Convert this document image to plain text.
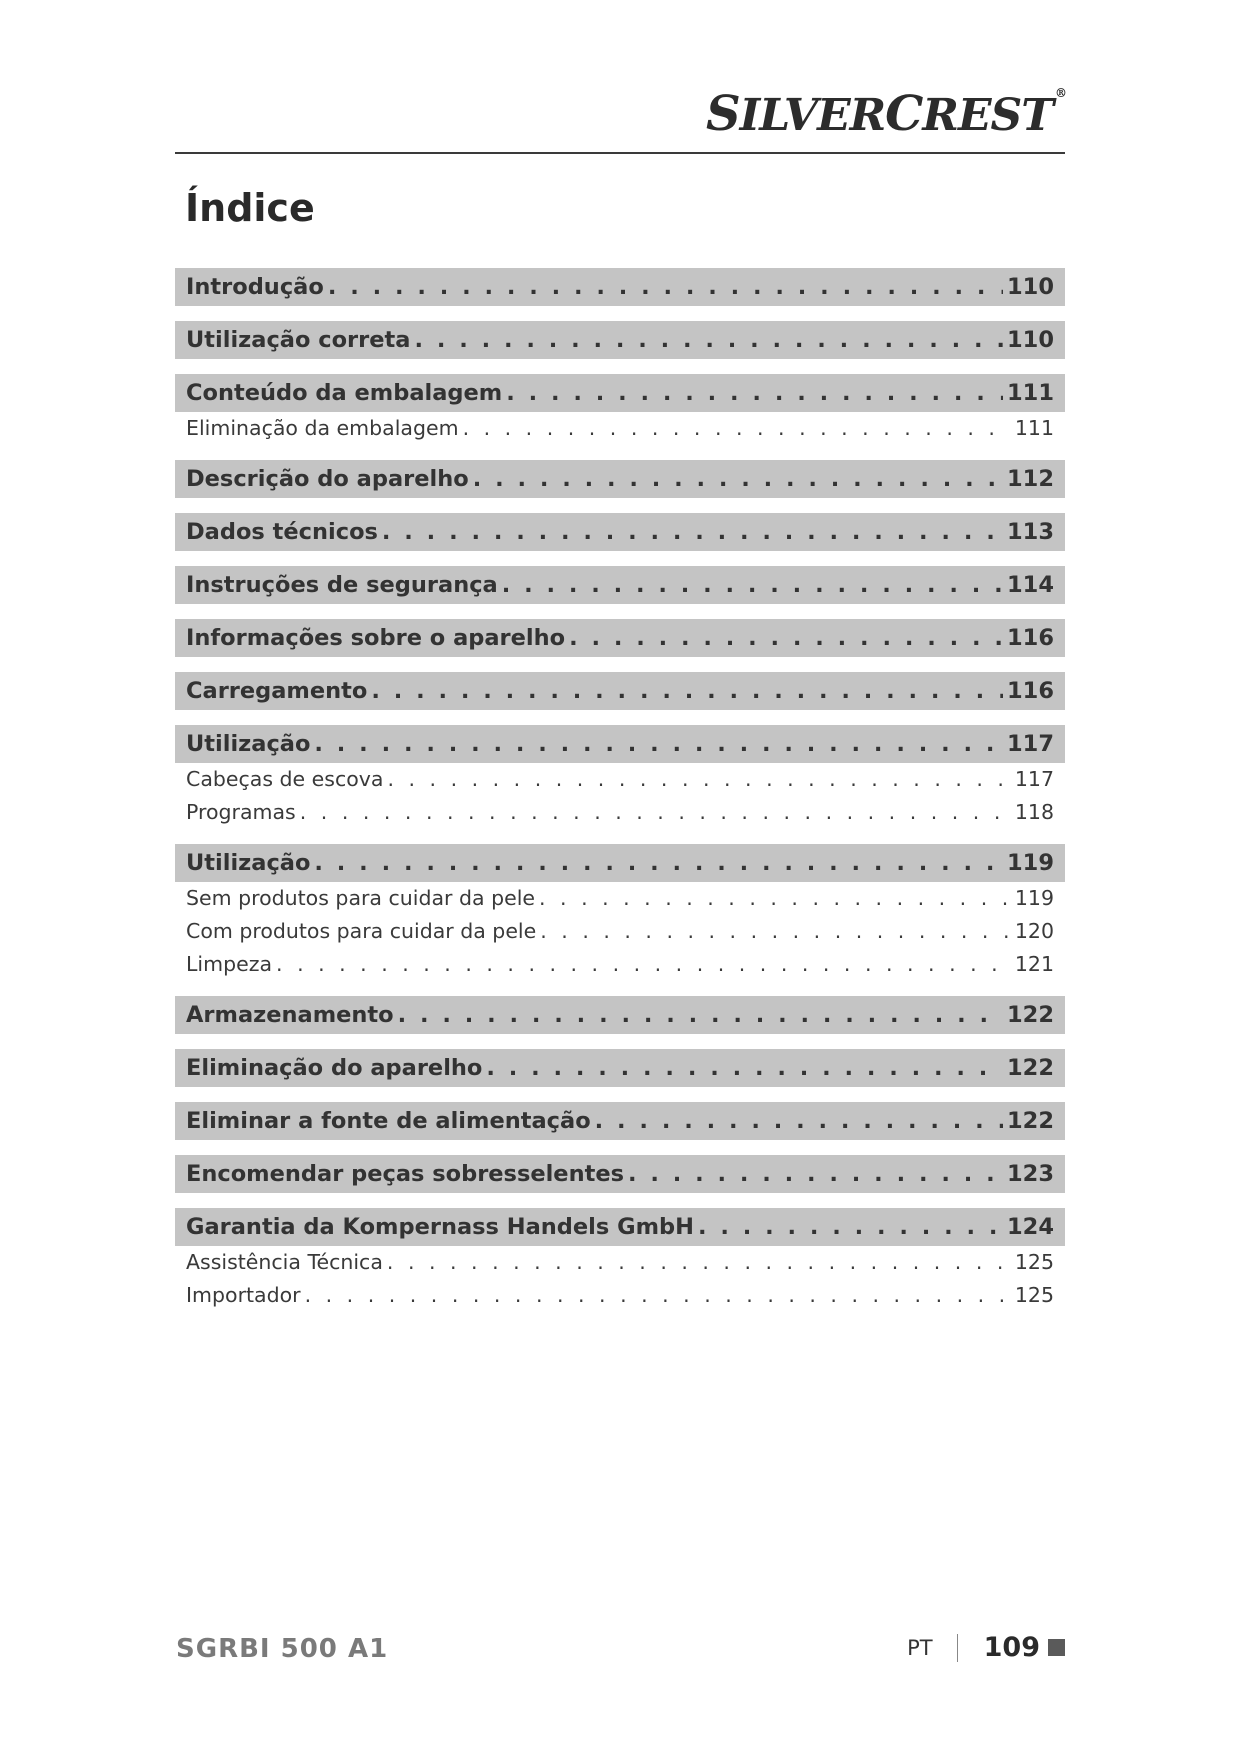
SILVERCREST ®
Índice
Introdução . . .	110
Utilização correta . . .	110
Conteúdo da embalagem . . .	111
Eliminação da embalagem . . .	111
Descrição do aparelho . . .	112
Dados técnicos . . .	113
Instruções de segurança . . .	114
Informações sobre o aparelho . . .	116
Carregamento . . .	116
Utilização . . .	117
Cabeças de escova . . .	117
Programas . . .	118
Utilização . . .	119
Sem produtos para cuidar da pele . . .	119
Com produtos para cuidar da pele . . .	120
Limpeza . . .	121
Armazenamento . . .	122
Eliminação do aparelho . . .	122
Eliminar a fonte de alimentação . . .	122
Encomendar peças sobresselentes . . .	123
Garantia da Kompernass Handels GmbH . . .	124
Assistência Técnica . . .	125
Importador . . .	125
SGRBI 500 A1	PT 109
